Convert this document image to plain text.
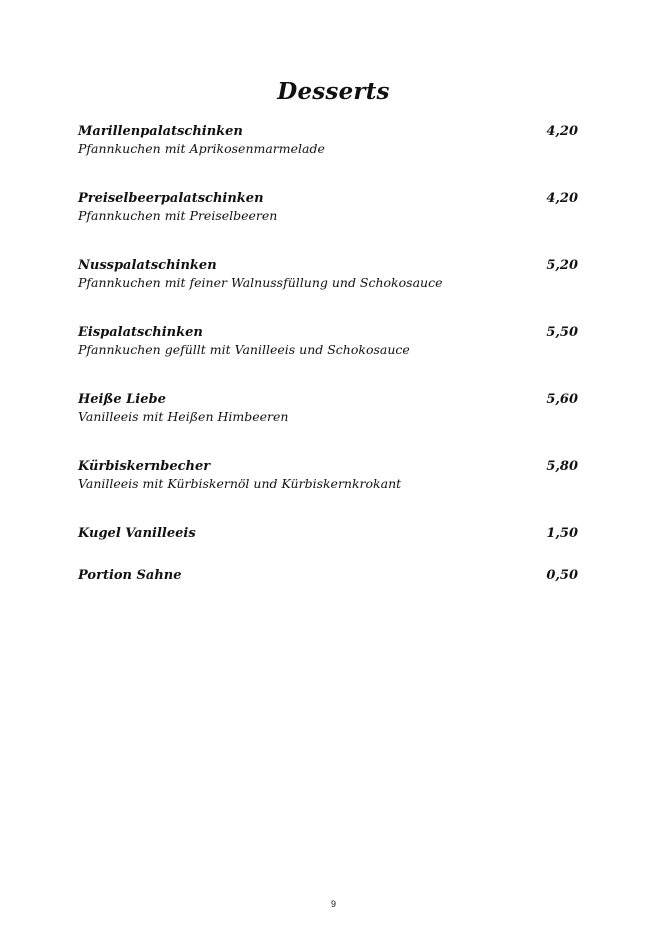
Desserts
Marillenpalatschinken	4,20
Pfannkuchen mit Aprikosenmarmelade
Preiselbeerpalatschinken	4,20
Pfannkuchen mit Preiselbeeren
Nusspalatschinken	5,20
Pfannkuchen mit feiner Walnussfüllung und Schokosauce
Eispalatschinken	5,50
Pfannkuchen gefüllt mit Vanilleeis und Schokosauce
Heiße Liebe	5,60
Vanilleeis mit Heißen Himbeeren
Kürbiskernbecher	5,80
Vanilleeis mit Kürbiskernöl und Kürbiskernkrokant
Kugel Vanilleeis	1,50
Portion Sahne	0,50
9
